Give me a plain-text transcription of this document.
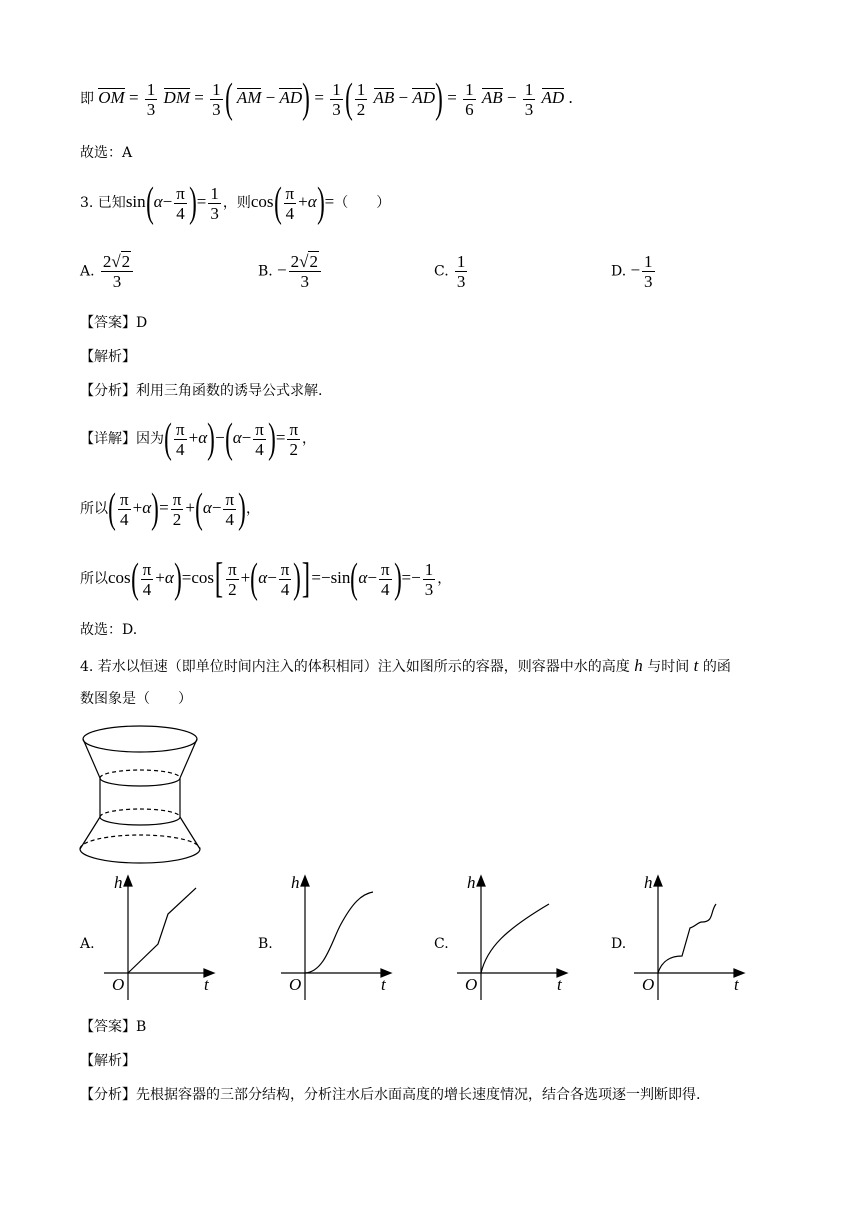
即 OM = $\frac{1}{3}$ DM = $\frac{1}{3}$ ( AM − $AD) = \frac{1}{3}$ ( $\frac{1}{2}$ AB − $AD) = \frac{1}{6}$ AB − $\frac{1}{3}$ AD .
故选：A
3. 已知$\sin(\alpha- \frac{\pi}{4}$ )= $\frac{1}{3}$ ，则$\cos( \frac{\pi}{4} +\alpha)=$（　　）
A. $\frac{2√2}{3}$	B. − $\frac{2√2}{3}$	C. $\frac{1}{3}$	D. − $\frac{1}{3}$
【答案】D
【解析】
【分析】利用三角函数的诱导公式求解.
【详解】因为( $\frac{\pi}{4} +\alpha)-(\alpha- \frac{\pi}{4}$ )= $\frac{\pi}{2}$ ，
所以( $\frac{\pi}{4} +\alpha)= \frac{\pi}{2} +(\alpha- \frac{\pi}{4}$ )，
所以$\cos( \frac{\pi}{4} +\alpha)=\cos[ \frac{\pi}{2} +(\alpha- \frac{\pi}{4} )]=-\sin(\alpha- \frac{\pi}{4}$ )=− $\frac{1}{3}$ ，
故选：D.
4. 若水以恒速（即单位时间内注入的体积相同）注入如图所示的容器，则容器中水的高度 h 与时间 t 的函
数图象是（　　）
A.	B.	C.	D.
h
t
O
h
t
O
h
t
O
h
t
O
【答案】B
【解析】
【分析】先根据容器的三部分结构，分析注水后水面高度的增长速度情况，结合各选项逐一判断即得.
